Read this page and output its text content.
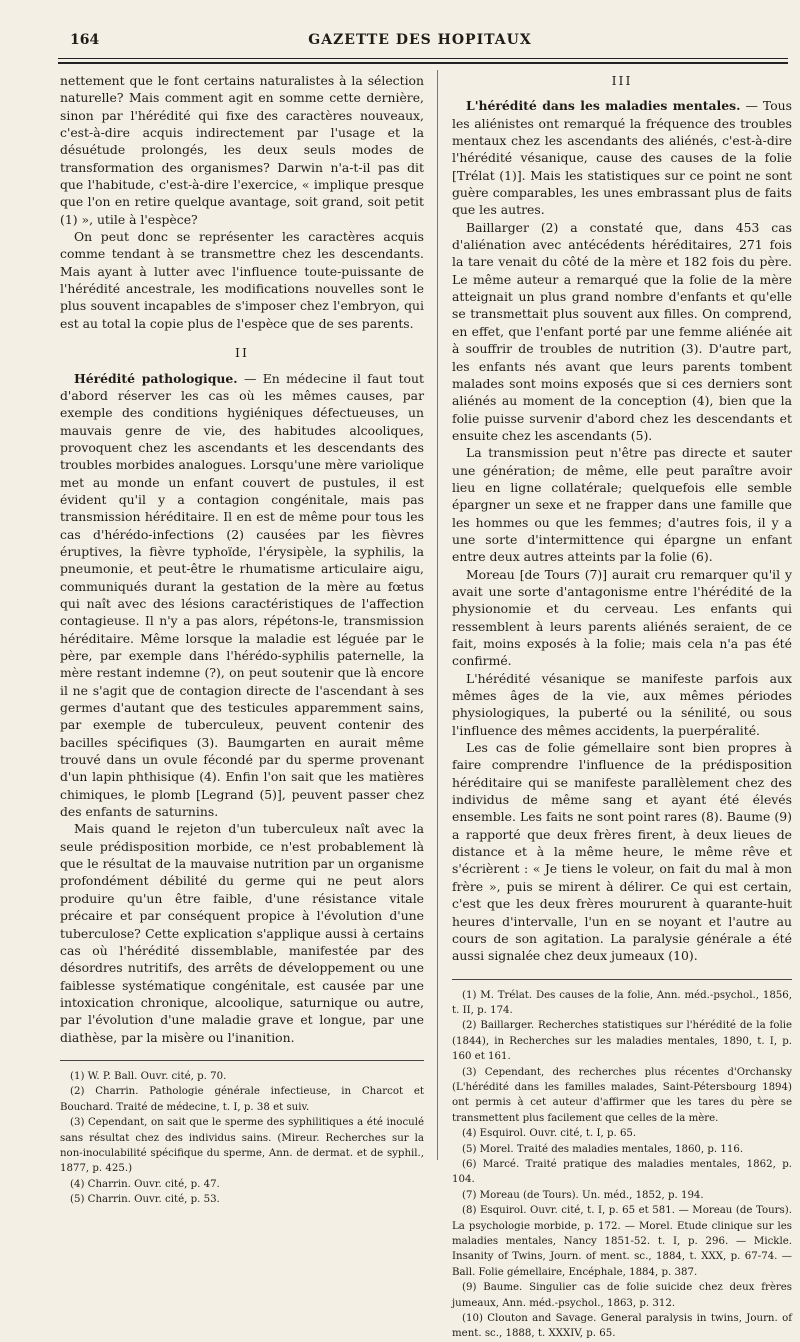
164	GAZETTE DES HOPITAUX

nettement que le font certains naturalistes à la sélection naturelle? Mais comment agit en somme cette dernière, sinon par l'hérédité qui fixe des caractères nouveaux, c'est-à-dire acquis indirectement par l'usage et la désuétude prolongés, les deux seuls modes de transformation des organismes? Darwin n'a-t-il pas dit que l'habitude, c'est-à-dire l'exercice, « implique presque que l'on en retire quelque avantage, soit grand, soit petit (1) », utile à l'espèce?

On peut donc se représenter les caractères acquis comme tendant à se transmettre chez les descendants. Mais ayant à lutter avec l'influence toute-puissante de l'hérédité ancestrale, les modifications nouvelles sont le plus souvent incapables de s'imposer chez l'embryon, qui est au total la copie plus de l'espèce que de ses parents.

II

Hérédité pathologique. — En médecine il faut tout d'abord réserver les cas où les mêmes causes, par exemple des conditions hygiéniques défectueuses, un mauvais genre de vie, des habitudes alcooliques, provoquent chez les ascendants et les descendants des troubles morbides analogues. Lorsqu'une mère variolique met au monde un enfant couvert de pustules, il est évident qu'il y a contagion congénitale, mais pas transmission héréditaire. Il en est de même pour tous les cas d'hérédo-infections (2) causées par les fièvres éruptives, la fièvre typhoïde, l'érysipèle, la syphilis, la pneumonie, et peut-être le rhumatisme articulaire aigu, communiqués durant la gestation de la mère au fœtus qui naît avec des lésions caractéristiques de l'affection contagieuse. Il n'y a pas alors, répétons-le, transmission héréditaire. Même lorsque la maladie est léguée par le père, par exemple dans l'hérédo-syphilis paternelle, la mère restant indemne (?), on peut soutenir que là encore il ne s'agit que de contagion directe de l'ascendant à ses germes d'autant que des testicules apparemment sains, par exemple de tuberculeux, peuvent contenir des bacilles spécifiques (3). Baumgarten en aurait même trouvé dans un ovule fécondé par du sperme provenant d'un lapin phthisique (4). Enfin l'on sait que les matières chimiques, le plomb [Legrand (5)], peuvent passer chez des enfants de saturnins.

Mais quand le rejeton d'un tuberculeux naît avec la seule prédisposition morbide, ce n'est probablement là que le résultat de la mauvaise nutrition par un organisme profondément débilité du germe qui ne peut alors produire qu'un être faible, d'une résistance vitale précaire et par conséquent propice à l'évolution d'une tuberculose? Cette explication s'applique aussi à certains cas où l'hérédité dissemblable, manifestée par des désordres nutritifs, des arrêts de développement ou une faiblesse systématique congénitale, est causée par une intoxication chronique, alcoolique, saturnique ou autre, par l'évolution d'une maladie grave et longue, par une diathèse, par la misère ou l'inanition.

(1) W. P. Ball. Ouvr. cité, p. 70.
(2) Charrin. Pathologie générale infectieuse, in Charcot et Bouchard. Traité de médecine, t. I, p. 38 et suiv.
(3) Cependant, on sait que le sperme des syphilitiques a été inoculé sans résultat chez des individus sains. (Mireur. Recherches sur la non-inoculabilité spécifique du sperme, Ann. de dermat. et de syphil., 1877, p. 425.)
(4) Charrin. Ouvr. cité, p. 47.
(5) Charrin. Ouvr. cité, p. 53.
III

L'hérédité dans les maladies mentales. — Tous les aliénistes ont remarqué la fréquence des troubles mentaux chez les ascendants des aliénés, c'est-à-dire l'hérédité vésanique, cause des causes de la folie [Trélat (1)]. Mais les statistiques sur ce point ne sont guère comparables, les unes embrassant plus de faits que les autres.

Baillarger (2) a constaté que, dans 453 cas d'aliénation avec antécédents héréditaires, 271 fois la tare venait du côté de la mère et 182 fois du père. Le même auteur a remarqué que la folie de la mère atteignait un plus grand nombre d'enfants et qu'elle se transmettait plus souvent aux filles. On comprend, en effet, que l'enfant porté par une femme aliénée ait à souffrir de troubles de nutrition (3). D'autre part, les enfants nés avant que leurs parents tombent malades sont moins exposés que si ces derniers sont aliénés au moment de la conception (4), bien que la folie puisse survenir d'abord chez les descendants et ensuite chez les ascendants (5).

La transmission peut n'être pas directe et sauter une génération; de même, elle peut paraître avoir lieu en ligne collatérale; quelquefois elle semble épargner un sexe et ne frapper dans une famille que les hommes ou que les femmes; d'autres fois, il y a une sorte d'intermittence qui épargne un enfant entre deux autres atteints par la folie (6).

Moreau [de Tours (7)] aurait cru remarquer qu'il y avait une sorte d'antagonisme entre l'hérédité de la physionomie et du cerveau. Les enfants qui ressemblent à leurs parents aliénés seraient, de ce fait, moins exposés à la folie; mais cela n'a pas été confirmé.

L'hérédité vésanique se manifeste parfois aux mêmes âges de la vie, aux mêmes périodes physiologiques, la puberté ou la sénilité, ou sous l'influence des mêmes accidents, la puerpéralité.

Les cas de folie gémellaire sont bien propres à faire comprendre l'influence de la prédisposition héréditaire qui se manifeste parallèlement chez des individus de même sang et ayant été élevés ensemble. Les faits ne sont point rares (8). Baume (9) a rapporté que deux frères firent, à deux lieues de distance et à la même heure, le même rêve et s'écrièrent : « Je tiens le voleur, on fait du mal à mon frère », puis se mirent à délirer. Ce qui est certain, c'est que les deux frères moururent à quarante-huit heures d'intervalle, l'un en se noyant et l'autre au cours de son agitation. La paralysie générale a été aussi signalée chez deux jumeaux (10).

(1) M. Trélat. Des causes de la folie, Ann. méd.-psychol., 1856, t. II, p. 174.
(2) Baillarger. Recherches statistiques sur l'hérédité de la folie (1844), in Recherches sur les maladies mentales, 1890, t. I, p. 160 et 161.
(3) Cependant, des recherches plus récentes d'Orchansky (L'hérédité dans les familles malades, Saint-Pétersbourg 1894) ont permis à cet auteur d'affirmer que les tares du père se transmettent plus facilement que celles de la mère.
(4) Esquirol. Ouvr. cité, t. I, p. 65.
(5) Morel. Traité des maladies mentales, 1860, p. 116.
(6) Marcé. Traité pratique des maladies mentales, 1862, p. 104.
(7) Moreau (de Tours). Un. méd., 1852, p. 194.
(8) Esquirol. Ouvr. cité, t. I, p. 65 et 581. — Moreau (de Tours). La psychologie morbide, p. 172. — Morel. Etude clinique sur les maladies mentales, Nancy 1851-52. t. I, p. 296. — Mickle. Insanity of Twins, Journ. of ment. sc., 1884, t. XXX, p. 67-74. — Ball. Folie gémellaire, Encéphale, 1884, p. 387.
(9) Baume. Singulier cas de folie suicide chez deux frères jumeaux, Ann. méd.-psychol., 1863, p. 312.
(10) Clouton and Savage. General paralysis in twins, Journ. of ment. sc., 1888, t. XXXIV, p. 65.
